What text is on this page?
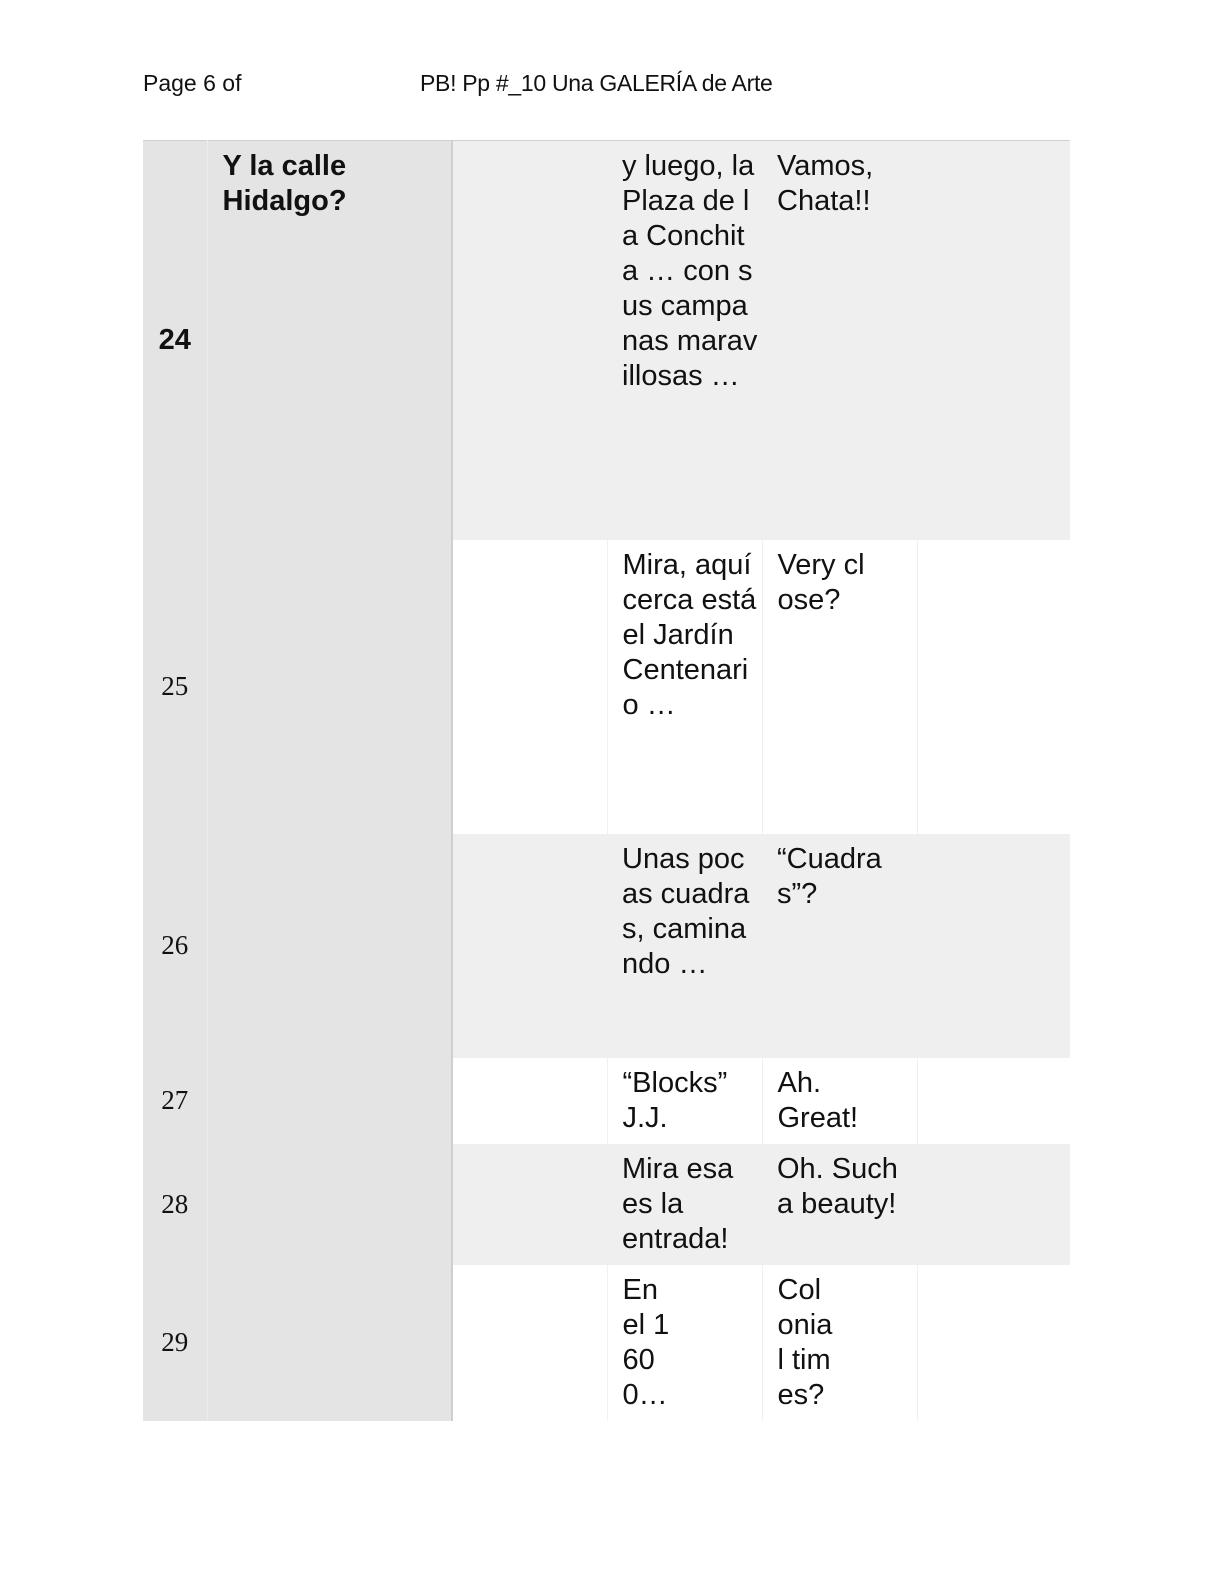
Page 6 of	PB! Pp #_10 Una GALERÍA de Arte
24	Y la calle Hidalgo?		y luego, la Plaza de la Conchita … con sus campanas maravillosas …	Vamos, Chata!!	

25			Mira, aquí cerca está el Jardín Centenario …	Very close?	

26			Unas pocas cuadras, caminando …	“Cuadras”?	

27			“Blocks” J.J.	Ah. Great!	

28			Mira esa es la entrada!	Oh. Such a beauty!	

29			En el 1600…	Colonial times?	
